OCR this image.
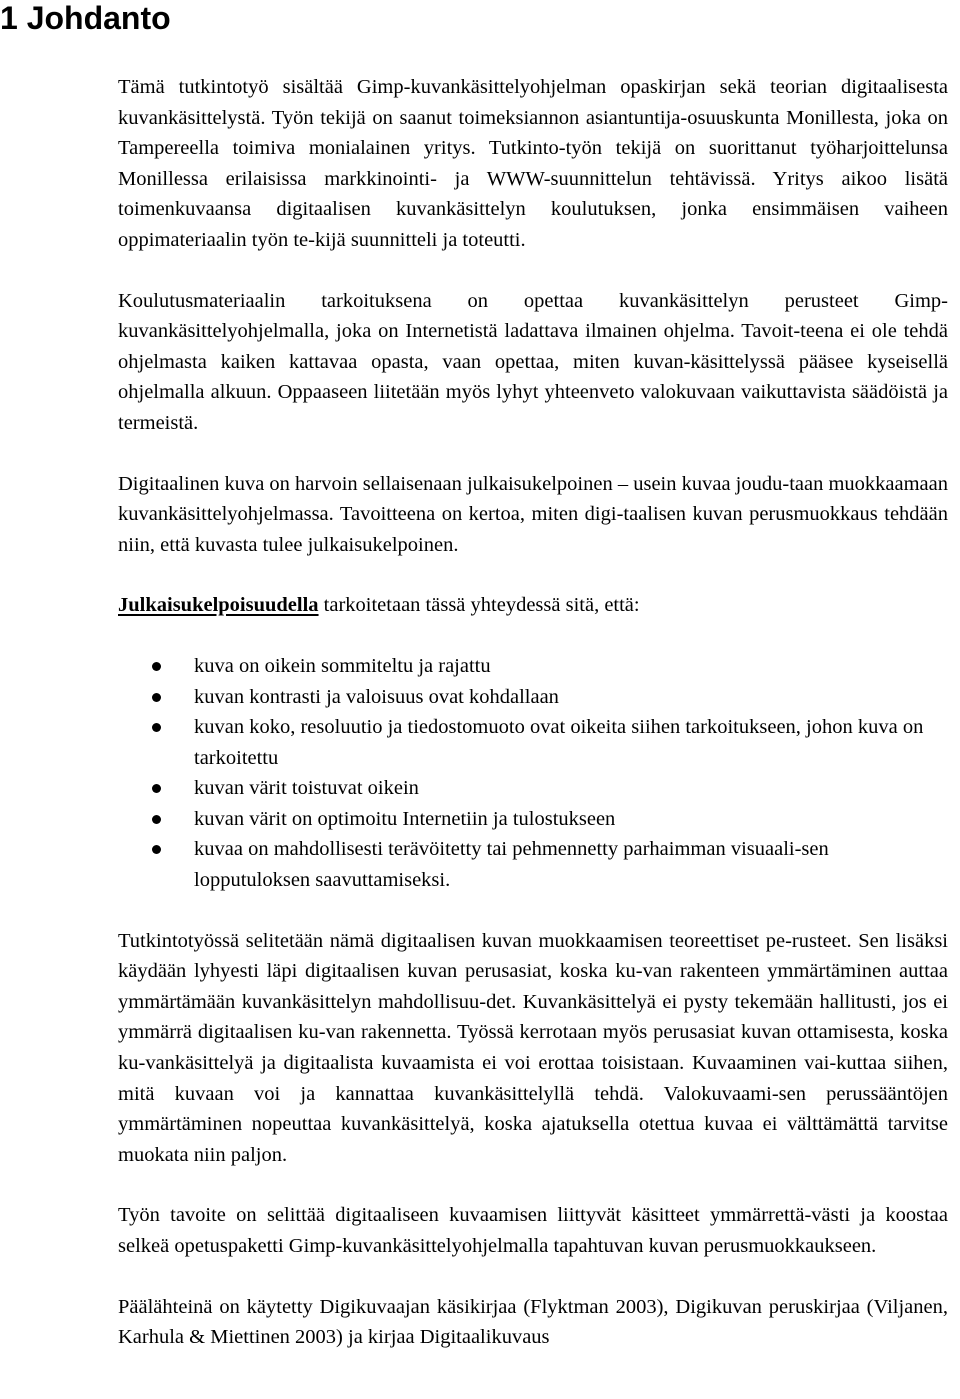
1 Johdanto

Tämä tutkintotyö sisältää Gimp-kuvankäsittelyohjelman opaskirjan sekä teorian digitaalisesta kuvankäsittelystä. Työn tekijä on saanut toimeksiannon asiantuntija-osuuskunta Monillesta, joka on Tampereella toimiva monialainen yritys. Tutkinto-työn tekijä on suorittanut työharjoittelunsa Monillessa erilaisissa markkinointi- ja WWW-suunnittelun tehtävissä. Yritys aikoo lisätä toimenkuvaansa digitaalisen kuvankäsittelyn koulutuksen, jonka ensimmäisen vaiheen oppimateriaalin työn te-kijä suunnitteli ja toteutti.

Koulutusmateriaalin tarkoituksena on opettaa kuvankäsittelyn perusteet Gimp-kuvankäsittelyohjelmalla, joka on Internetistä ladattava ilmainen ohjelma. Tavoit-teena ei ole tehdä ohjelmasta kaiken kattavaa opasta, vaan opettaa, miten kuvan-käsittelyssä pääsee kyseisellä ohjelmalla alkuun. Oppaaseen liitetään myös lyhyt yhteenveto valokuvaan vaikuttavista säädöistä ja termeistä.

Digitaalinen kuva on harvoin sellaisenaan julkaisukelpoinen – usein kuvaa joudu-taan muokkaamaan kuvankäsittelyohjelmassa. Tavoitteena on kertoa, miten digi-taalisen kuvan perusmuokkaus tehdään niin, että kuvasta tulee julkaisukelpoinen.

Julkaisukelpoisuudella tarkoitetaan tässä yhteydessä sitä, että:

kuva on oikein sommiteltu ja rajattu
kuvan kontrasti ja valoisuus ovat kohdallaan
kuvan koko, resoluutio ja tiedostomuoto ovat oikeita siihen tarkoitukseen, johon kuva on tarkoitettu
kuvan värit toistuvat oikein
kuvan värit on optimoitu Internetiin ja tulostukseen
kuvaa on mahdollisesti terävöitetty tai pehmennetty parhaimman visuaali-sen lopputuloksen saavuttamiseksi.

Tutkintotyössä selitetään nämä digitaalisen kuvan muokkaamisen teoreettiset pe-rusteet. Sen lisäksi käydään lyhyesti läpi digitaalisen kuvan perusasiat, koska ku-van rakenteen ymmärtäminen auttaa ymmärtämään kuvankäsittelyn mahdollisuu-det. Kuvankäsittelyä ei pysty tekemään hallitusti, jos ei ymmärrä digitaalisen ku-van rakennetta. Työssä kerrotaan myös perusasiat kuvan ottamisesta, koska ku-vankäsittelyä ja digitaalista kuvaamista ei voi erottaa toisistaan. Kuvaaminen vai-kuttaa siihen, mitä kuvaan voi ja kannattaa kuvankäsittelyllä tehdä. Valokuvaami-sen perussääntöjen ymmärtäminen nopeuttaa kuvankäsittelyä, koska ajatuksella otettua kuvaa ei välttämättä tarvitse muokata niin paljon.

Työn tavoite on selittää digitaaliseen kuvaamisen liittyvät käsitteet ymmärrettä-västi ja koostaa selkeä opetuspaketti Gimp-kuvankäsittelyohjelmalla tapahtuvan kuvan perusmuokkaukseen.

Päälähteinä on käytetty Digikuvaajan käsikirjaa (Flyktman 2003), Digikuvan peruskirjaa (Viljanen, Karhula & Miettinen 2003) ja kirjaa Digitaalikuvaus
